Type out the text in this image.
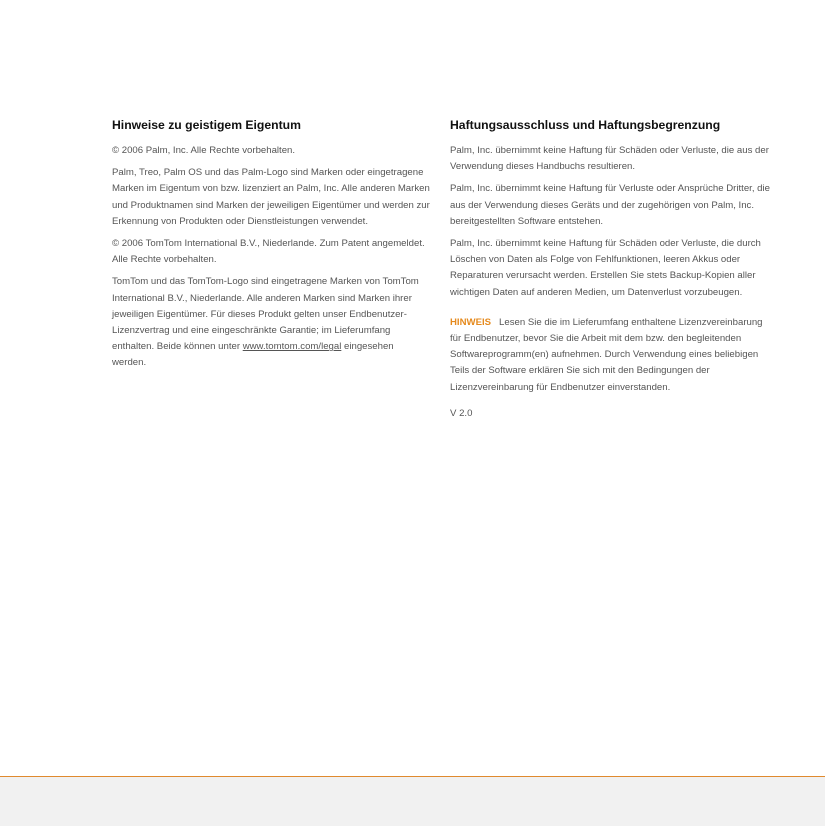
Hinweise zu geistigem Eigentum

© 2006 Palm, Inc. Alle Rechte vorbehalten.

Palm, Treo, Palm OS und das Palm-Logo sind Marken oder eingetragene Marken im Eigentum von bzw. lizenziert an Palm, Inc. Alle anderen Marken und Produktnamen sind Marken der jeweiligen Eigentümer und werden zur Erkennung von Produkten oder Dienstleistungen verwendet.

© 2006 TomTom International B.V., Niederlande. Zum Patent angemeldet. Alle Rechte vorbehalten.

TomTom und das TomTom-Logo sind eingetragene Marken von TomTom International B.V., Niederlande. Alle anderen Marken sind Marken ihrer jeweiligen Eigentümer. Für dieses Produkt gelten unser Endbenutzer-Lizenzvertrag und eine eingeschränkte Garantie; im Lieferumfang enthalten. Beide können unter www.tomtom.com/legal eingesehen werden.

Haftungsausschluss und Haftungsbegrenzung

Palm, Inc. übernimmt keine Haftung für Schäden oder Verluste, die aus der Verwendung dieses Handbuchs resultieren.

Palm, Inc. übernimmt keine Haftung für Verluste oder Ansprüche Dritter, die aus der Verwendung dieses Geräts und der zugehörigen von Palm, Inc. bereitgestellten Software entstehen.

Palm, Inc. übernimmt keine Haftung für Schäden oder Verluste, die durch Löschen von Daten als Folge von Fehlfunktionen, leeren Akkus oder Reparaturen verursacht werden. Erstellen Sie stets Backup-Kopien aller wichtigen Daten auf anderen Medien, um Datenverlust vorzubeugen.

HINWEIS Lesen Sie die im Lieferumfang enthaltene Lizenzvereinbarung für Endbenutzer, bevor Sie die Arbeit mit dem bzw. den begleitenden Softwareprogramm(en) aufnehmen. Durch Verwendung eines beliebigen Teils der Software erklären Sie sich mit den Bedingungen der Lizenzvereinbarung für Endbenutzer einverstanden.

V 2.0
